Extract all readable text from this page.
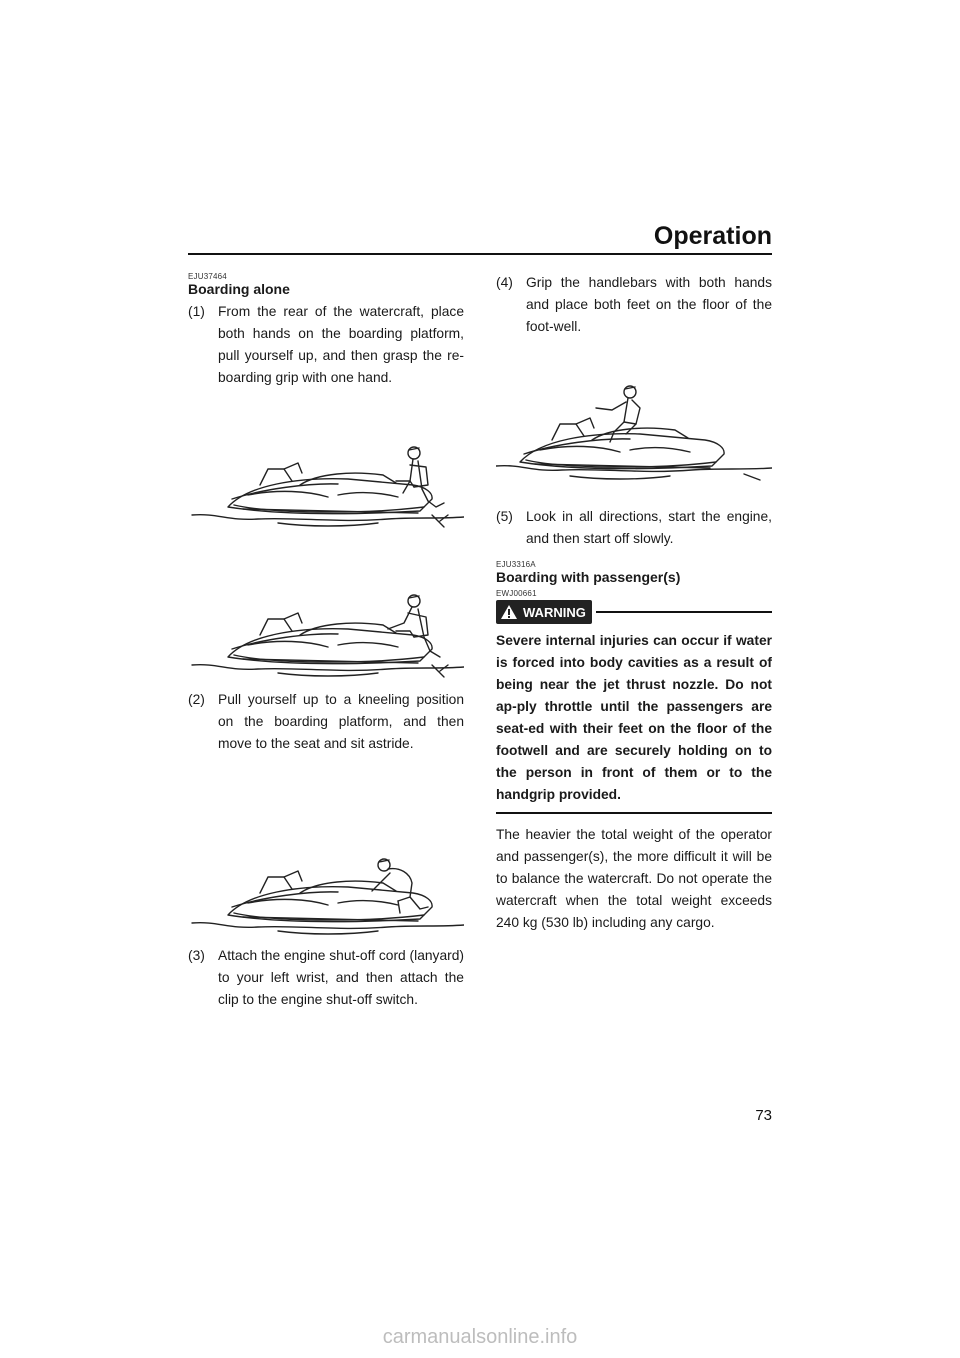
Operation
EJU37464
Boarding alone

(1) From the rear of the watercraft, place both hands on the boarding platform, pull yourself up, and then grasp the re-boarding grip with one hand.

(2) Pull yourself up to a kneeling position on the boarding platform, and then move to the seat and sit astride.

(3) Attach the engine shut-off cord (lanyard) to your left wrist, and then attach the clip to the engine shut-off switch.

(4) Grip the handlebars with both hands and place both feet on the floor of the foot-well.

(5) Look in all directions, start the engine, and then start off slowly.

EJU3316A
Boarding with passenger(s)
EWJ00661
WARNING

Severe internal injuries can occur if water is forced into body cavities as a result of being near the jet thrust nozzle. Do not ap-ply throttle until the passengers are seat-ed with their feet on the floor of the footwell and are securely holding on to the person in front of them or to the handgrip provided.

The heavier the total weight of the operator and passenger(s), the more difficult it will be to balance the watercraft. Do not operate the watercraft when the total weight exceeds 240 kg (530 lb) including any cargo.

73
carmanualsonline.info
